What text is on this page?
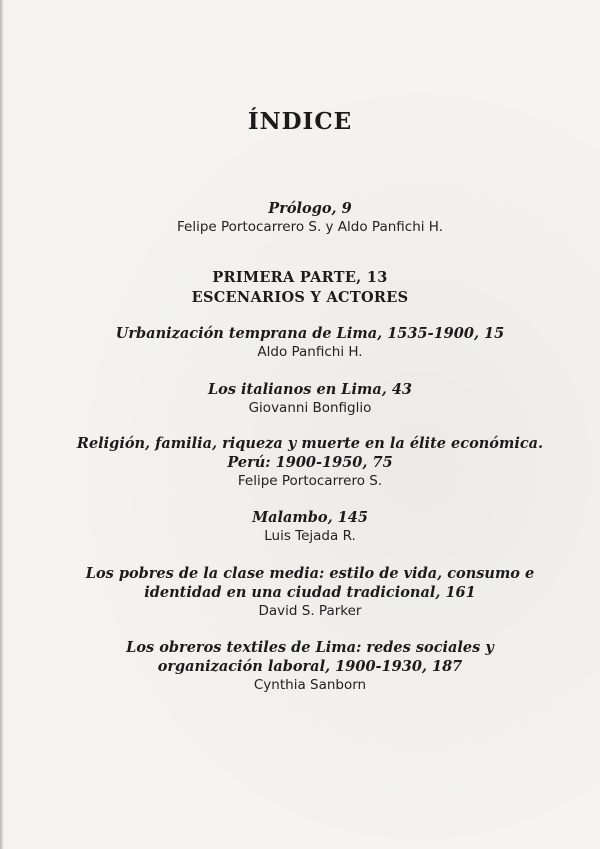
ÍNDICE
Prólogo, 9
Felipe Portocarrero S. y Aldo Panfichi H.
PRIMERA PARTE, 13
ESCENARIOS Y ACTORES
Urbanización temprana de Lima, 1535-1900, 15
Aldo Panfichi H.
Los italianos en Lima, 43
Giovanni Bonfiglio
Religión, familia, riqueza y muerte en la élite económica.
Perú: 1900-1950, 75
Felipe Portocarrero S.
Malambo, 145
Luis Tejada R.
Los pobres de la clase media: estilo de vida, consumo e
identidad en una ciudad tradicional, 161
David S. Parker
Los obreros textiles de Lima: redes sociales y
organización laboral, 1900-1930, 187
Cynthia Sanborn
